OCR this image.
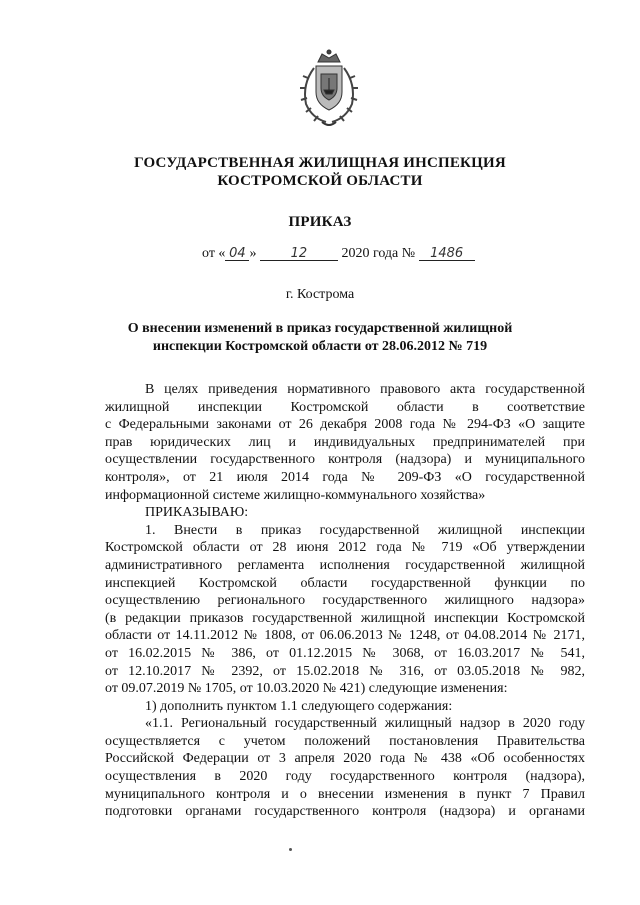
ГОСУДАРСТВЕННАЯ ЖИЛИЩНАЯ ИНСПЕКЦИЯ
КОСТРОМСКОЙ ОБЛАСТИ
ПРИКАЗ
от « 04 »	12 2020 года № 1486
г. Кострома
О внесении изменений в приказ государственной жилищной
инспекции Костромской области от 28.06.2012 № 719

В целях приведения нормативного правового акта государственной

жилищной инспекции Костромской области в соответствие

с Федеральными законами от 26 декабря 2008 года № 294-ФЗ «О защите

прав юридических лиц и индивидуальных предпринимателей при

осуществлении государственного контроля (надзора) и муниципального

контроля», от 21 июля 2014 года № 209-ФЗ «О государственной

информационной системе жилищно-коммунального хозяйства»

ПРИКАЗЫВАЮ:

1. Внести в приказ государственной жилищной инспекции

Костромской области от 28 июня 2012 года № 719 «Об утверждении

административного регламента исполнения государственной жилищной

инспекцией Костромской области государственной функции по

осуществлению регионального государственного жилищного надзора»

(в редакции приказов государственной жилищной инспекции Костромской

области от 14.11.2012 № 1808, от 06.06.2013 № 1248, от 04.08.2014 № 2171,

от 16.02.2015 № 386, от 01.12.2015 № 3068, от 16.03.2017 № 541,

от 12.10.2017 № 2392, от 15.02.2018 № 316, от 03.05.2018 № 982,

от 09.07.2019 № 1705, от 10.03.2020 № 421) следующие изменения:

1) дополнить пунктом 1.1 следующего содержания:

«1.1. Региональный государственный жилищный надзор в 2020 году

осуществляется с учетом положений постановления Правительства

Российской Федерации от 3 апреля 2020 года № 438 «Об особенностях

осуществления в 2020 году государственного контроля (надзора),

муниципального контроля и о внесении изменения в пункт 7 Правил

подготовки органами государственного контроля (надзора) и органами
